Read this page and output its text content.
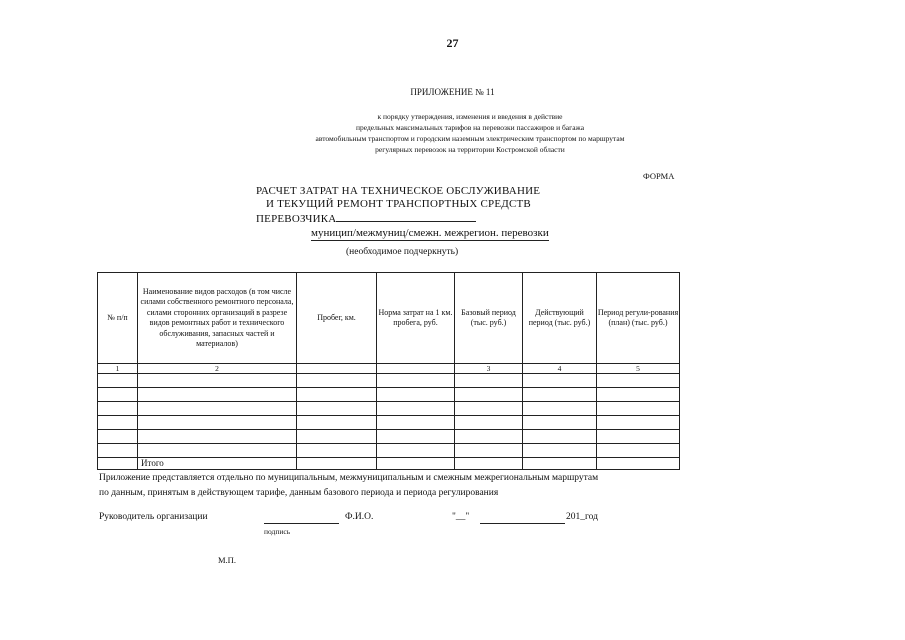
27
ПРИЛОЖЕНИЕ № 11
к порядку утверждения, изменения и введения в действие
предельных максимальных тарифов на перевозки пассажиров и багажа
автомобильным транспортом и городским наземным электрическим транспортом по маршрутам
регулярных перевозок на территории Костромской области
ФОРМА
РАСЧЕТ ЗАТРАТ НА ТЕХНИЧЕСКОЕ ОБСЛУЖИВАНИЕ
И ТЕКУЩИЙ РЕМОНТ ТРАНСПОРТНЫХ СРЕДСТВ
ПЕРЕВОЗЧИКА
муницип/межмуниц/смежн. межрегион. перевозки
(необходимое подчеркнуть)
№ п/п	Наименование видов расходов (в том числе силами собственного ремонтного персонала, силами сторонних организаций в разрезе видов ремонтных работ и технического обслуживания, запасных частей и материалов)	Пробег, км.	Норма затрат на 1 км. пробега, руб.	Базовый период (тыс. руб.)	Действующий период (тыс. руб.)	Период регули-рования (план) (тыс. руб.)
1	2			3	4	5

	Итого					
Приложение представляется отдельно по муниципальным, межмуниципальным и смежным межрегиональным маршрутам
по данным, принятым в действующем тарифе, данным базового периода и периода регулирования
Руководитель организации
подпись
Ф.И.О.	"__"	201_год
М.П.
